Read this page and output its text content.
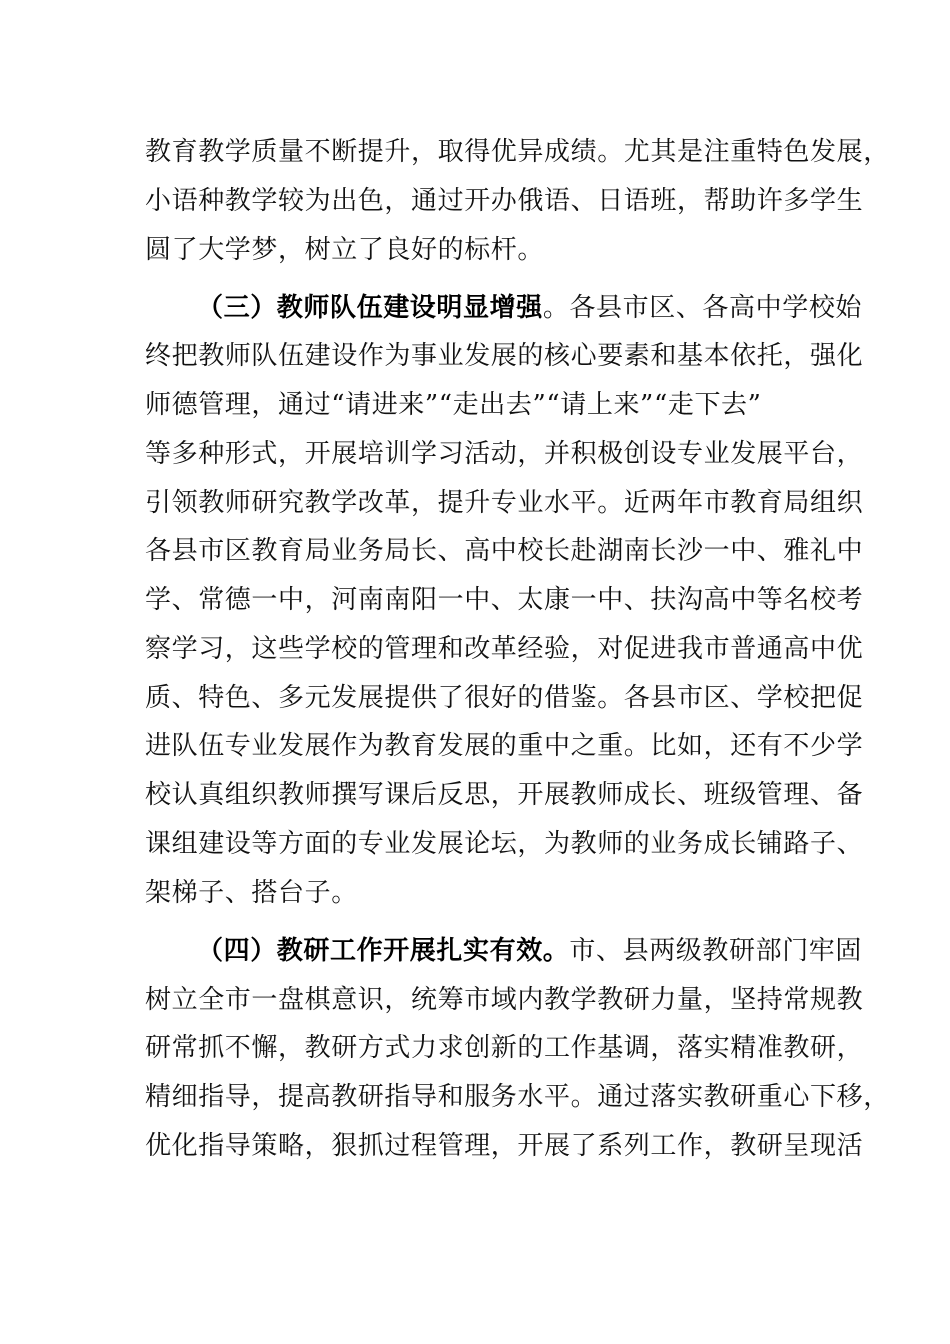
教育教学质量不断提升，取得优异成绩。尤其是注重特色发展，
小语种教学较为出色，通过开办俄语、日语班，帮助许多学生
圆了大学梦，树立了良好的标杆。
（三）教师队伍建设明显增强。各县市区、各高中学校始
终把教师队伍建设作为事业发展的核心要素和基本依托，强化
师德管理，通过“请进来”“走出去”“请上来”“走下去”
等多种形式，开展培训学习活动，并积极创设专业发展平台，
引领教师研究教学改革，提升专业水平。近两年市教育局组织
各县市区教育局业务局长、高中校长赴湖南长沙一中、雅礼中
学、常德一中，河南南阳一中、太康一中、扶沟高中等名校考
察学习，这些学校的管理和改革经验，对促进我市普通高中优
质、特色、多元发展提供了很好的借鉴。各县市区、学校把促
进队伍专业发展作为教育发展的重中之重。比如，还有不少学
校认真组织教师撰写课后反思，开展教师成长、班级管理、备
课组建设等方面的专业发展论坛，为教师的业务成长铺路子、
架梯子、搭台子。
（四）教研工作开展扎实有效。市、县两级教研部门牢固
树立全市一盘棋意识，统筹市域内教学教研力量，坚持常规教
研常抓不懈，教研方式力求创新的工作基调，落实精准教研，
精细指导，提高教研指导和服务水平。通过落实教研重心下移，
优化指导策略，狠抓过程管理，开展了系列工作，教研呈现活
